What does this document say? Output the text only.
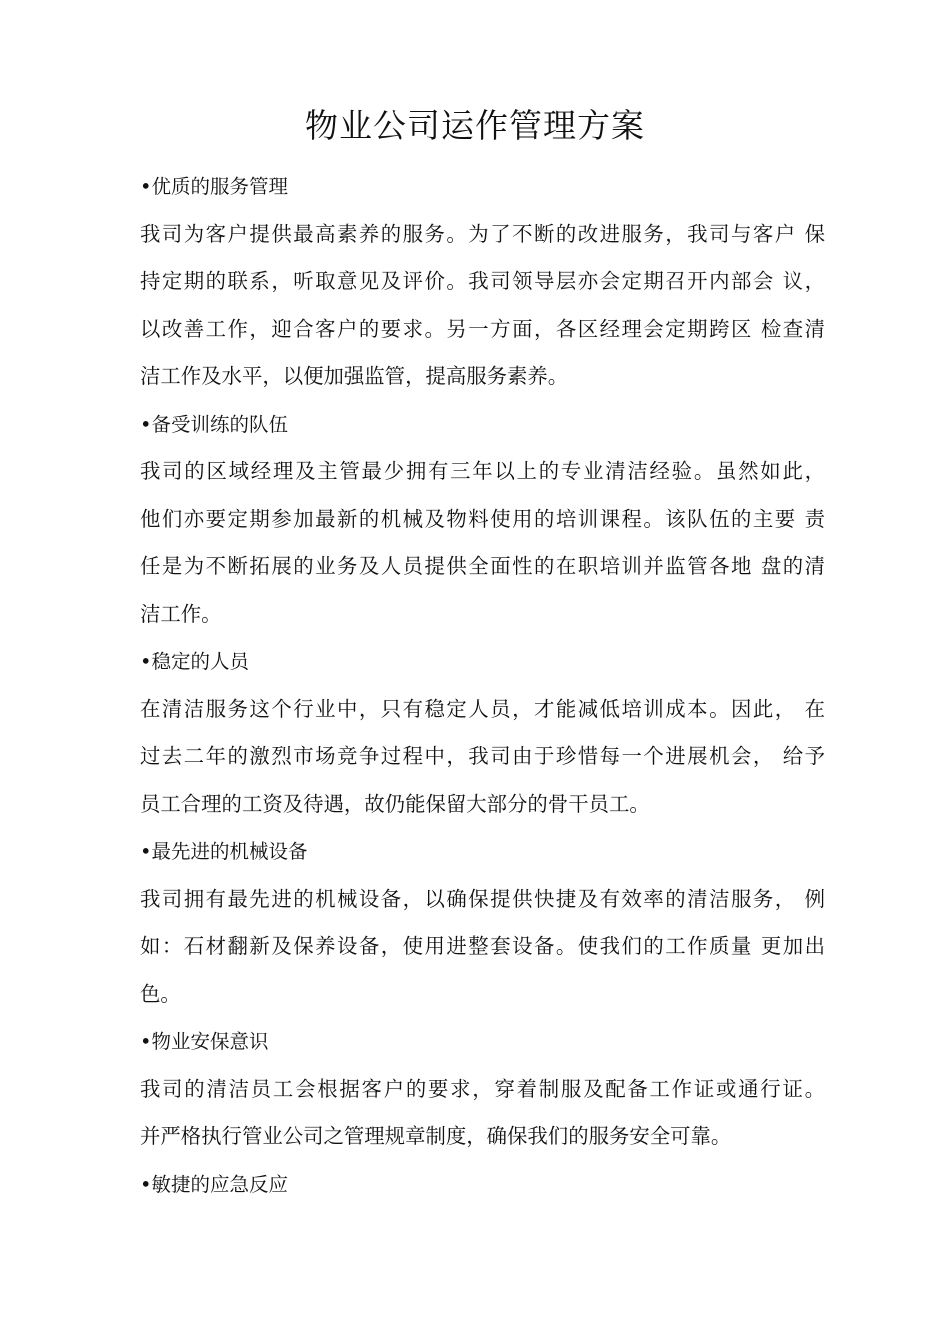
物业公司运作管理方案

•优质的服务管理

我司为客户提供最高素养的服务。为了不断的改进服务，我司与客户 保

持定期的联系，听取意见及评价。我司领导层亦会定期召开内部会 议，

以改善工作，迎合客户的要求。另一方面，各区经理会定期跨区 检查清

洁工作及水平，以便加强监管，提高服务素养。

•备受训练的队伍

我司的区域经理及主管最少拥有三年以上的专业清洁经验。虽然如此，

他们亦要定期参加最新的机械及物料使用的培训课程。该队伍的主要 责

任是为不断拓展的业务及人员提供全面性的在职培训并监管各地 盘的清

洁工作。

•稳定的人员

在清洁服务这个行业中，只有稳定人员，才能减低培训成本。因此， 在

过去二年的激烈市场竞争过程中，我司由于珍惜每一个进展机会， 给予

员工合理的工资及待遇，故仍能保留大部分的骨干员工。

•最先进的机械设备

我司拥有最先进的机械设备，以确保提供快捷及有效率的清洁服务， 例

如：石材翻新及保养设备，使用进整套设备。使我们的工作质量 更加出

色。

•物业安保意识

我司的清洁员工会根据客户的要求，穿着制服及配备工作证或通行证。

并严格执行管业公司之管理规章制度，确保我们的服务安全可靠。

•敏捷的应急反应
